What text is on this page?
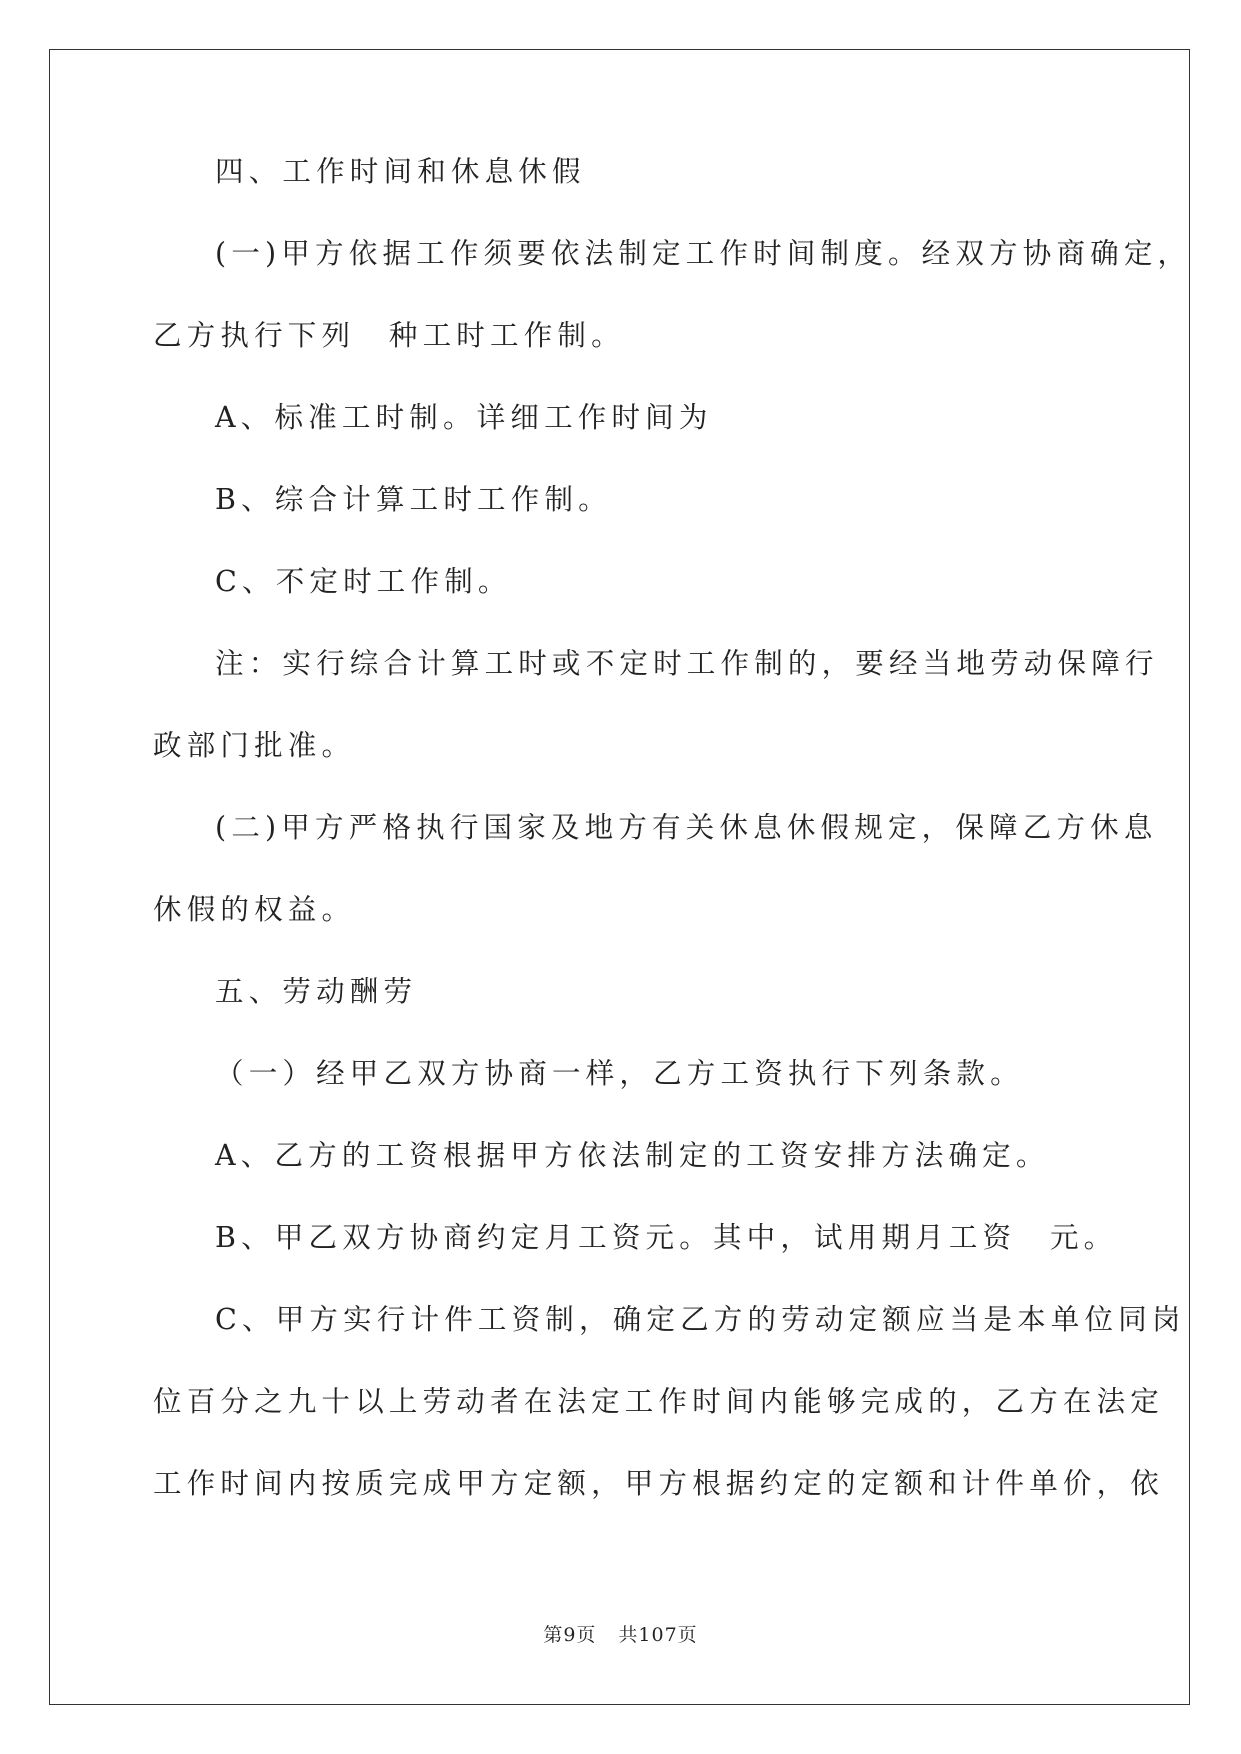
四、工作时间和休息休假

(一)甲方依据工作须要依法制定工作时间制度。经双方协商确定，

乙方执行下列　种工时工作制。

A、标准工时制。详细工作时间为

B、综合计算工时工作制。

C、不定时工作制。

注：实行综合计算工时或不定时工作制的，要经当地劳动保障行

政部门批准。

(二)甲方严格执行国家及地方有关休息休假规定，保障乙方休息

休假的权益。

五、劳动酬劳

（一）经甲乙双方协商一样，乙方工资执行下列条款。

A、乙方的工资根据甲方依法制定的工资安排方法确定。

B、甲乙双方协商约定月工资元。其中，试用期月工资　元。

C、甲方实行计件工资制，确定乙方的劳动定额应当是本单位同岗

位百分之九十以上劳动者在法定工作时间内能够完成的，乙方在法定

工作时间内按质完成甲方定额，甲方根据约定的定额和计件单价，依

第9页 共107页
